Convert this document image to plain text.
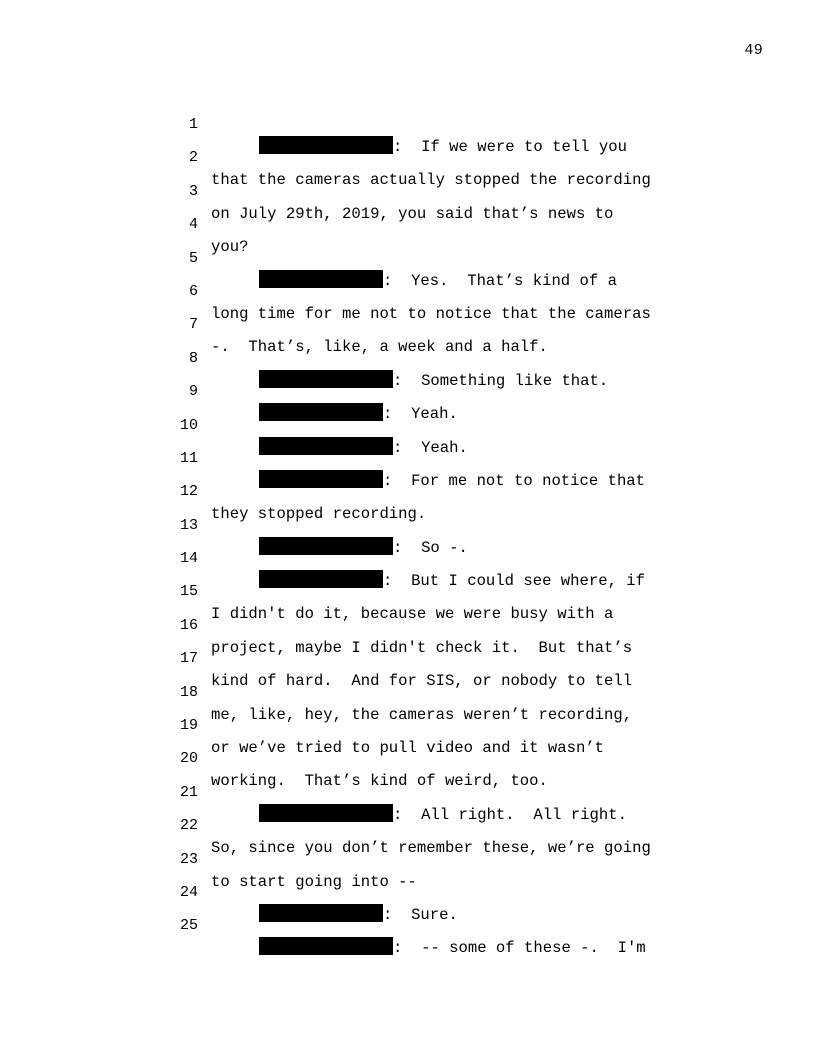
49

1

:  If we were to tell you

2

that the cameras actually stopped the recording

3

on July 29th, 2019, you said that’s news to

4

you?

5

:  Yes.  That’s kind of a

6

long time for me not to notice that the cameras

7

-.  That’s, like, a week and a half.

8

:  Something like that.

9

:  Yeah.

10

:  Yeah.

11

:  For me not to notice that

12

they stopped recording.

13

:  So -.

14

:  But I could see where, if

15

I didn't do it, because we were busy with a

16

project, maybe I didn't check it.  But that’s

17

kind of hard.  And for SIS, or nobody to tell

18

me, like, hey, the cameras weren’t recording,

19

or we’ve tried to pull video and it wasn’t

20

working.  That’s kind of weird, too.

21

:  All right.  All right.

22

So, since you don’t remember these, we’re going

23

to start going into --

24

:  Sure.

25

:  -- some of these -.  I'm
